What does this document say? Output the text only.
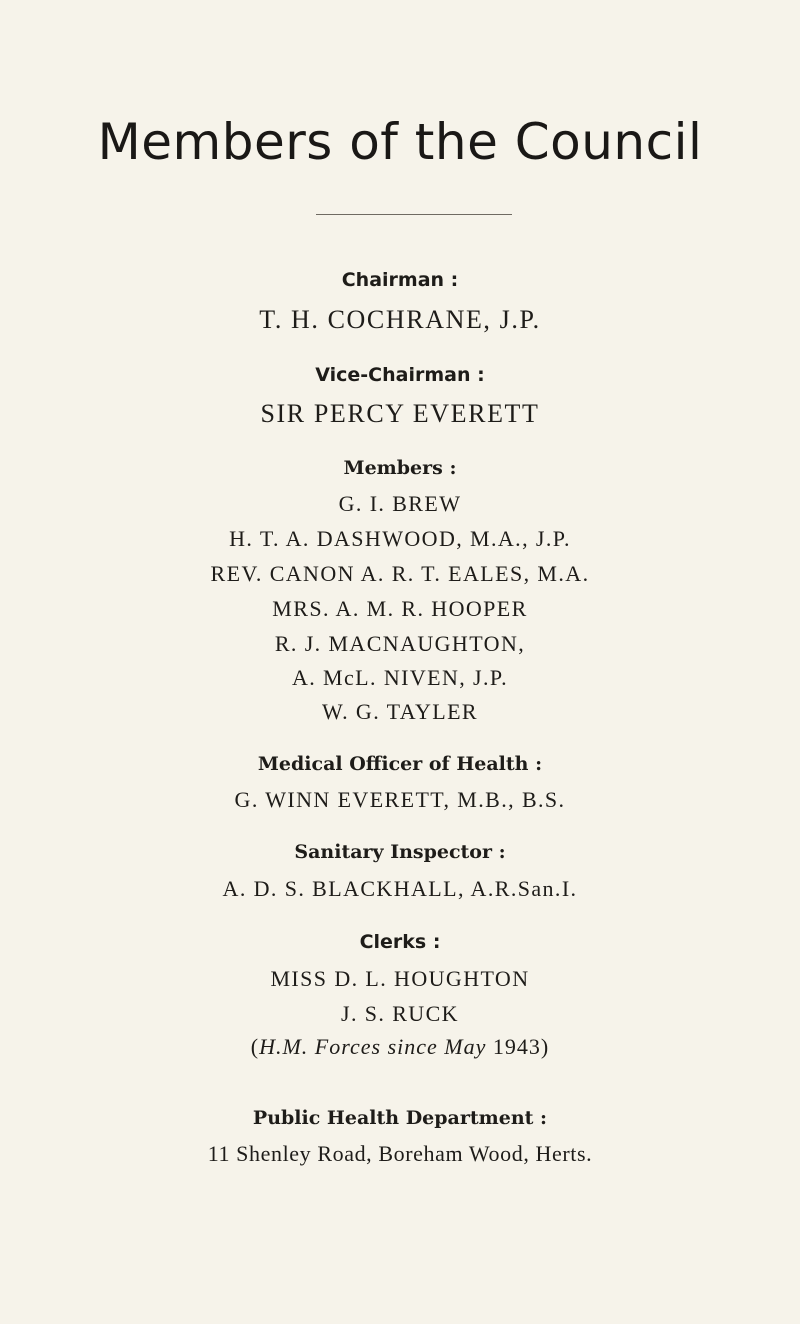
Members of the Council
Chairman :
T. H. COCHRANE, J.P.
Vice-Chairman :
SIR PERCY EVERETT
Members :
G. I. BREW
H. T. A. DASHWOOD, M.A., J.P.
REV. CANON A. R. T. EALES, M.A.
MRS. A. M. R. HOOPER
R. J. MACNAUGHTON,
A. McL. NIVEN, J.P.
W. G. TAYLER
Medical Officer of Health :
G. WINN EVERETT, M.B., B.S.
Sanitary Inspector :
A. D. S. BLACKHALL, A.R.San.I.
Clerks :
MISS D. L. HOUGHTON
J. S. RUCK
(H.M. Forces since May 1943)
Public Health Department :
11 Shenley Road, Boreham Wood, Herts.
